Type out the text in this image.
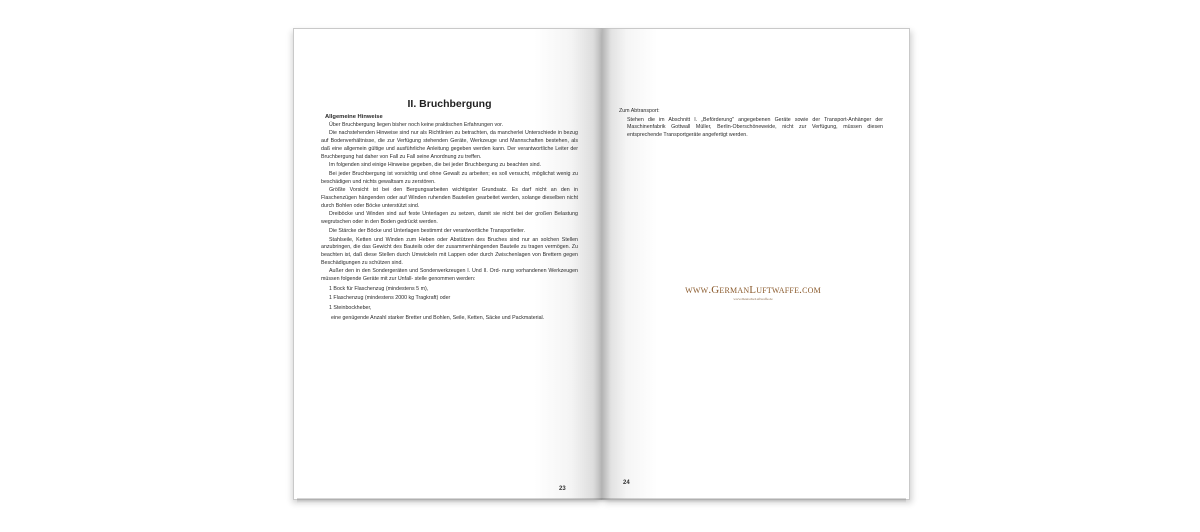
II. Bruchbergung
Allgemeine Hinweise

Über Bruchbergung liegen bisher noch keine praktischen Erfahrungen vor.

Die nachstehenden Hinweise sind nur als Richtlinien zu betrachten, da mancherlei Unterschiede in bezug auf Bodenverhältnisse, die zur Verfügung stehenden Geräte, Werkzeuge und Mannschaften bestehen, als daß eine allgemein gültige und ausführliche Anleitung gegeben werden kann. Der verantwortliche Leiter der Bruchbergung hat daher von Fall zu Fall seine Anordnung zu treffen.

Im folgenden sind einige Hinweise gegeben, die bei jeder Bruchbergung zu beachten sind.

Bei jeder Bruchbergung ist vorsichtig und ohne Gewalt zu arbeiten; es soll versucht, möglichst wenig zu beschädigen und nichts gewaltsam zu zerstören.

Größte Vorsicht ist bei den Bergungsarbeiten wichtigster Grundsatz. Es darf nicht an den in Flaschenzügen hängenden oder auf Winden ruhenden Bauteilen gearbeitet werden, solange dieselben nicht durch Bohlen oder Böcke unterstützt sind.

Dreiböcke und Winden sind auf feste Unterlagen zu setzen, damit sie nicht bei der großen Belastung wegrutschen oder in den Boden gedrückt werden.

Die Stärcke der Böcke und Unterlagen bestimmt der verantwortliche Transportleiter.

Stahlseile, Ketten und Winden zum Heben oder Abstützen des Bruches sind nur an solchen Stellen anzubringen, die das Gewicht des Bauteils oder der zusammenhängenden Bauteile zu tragen vermögen. Zu beachten ist, daß diese Stellen durch Umwickeln mit Lappen oder durch Zwischenlagen von Brettern gegen Beschädigungen zu schützen sind.

Außer den in den Sondergeräten und Sonderwerkzeugen I. Und II. Ord- nung vorhandenen Werkzeugen müssen folgende Geräte mit zur Unfall- stelle genommen werden:

1 Bock für Flaschenzug (mindestens 5 m),
1 Flaschenzug (mindestens 2000 kg Tragkraft) oder
1 Steinbockheber,
eine genügende Anzahl starker Bretter und Bohlen, Seile, Ketten, Säcke und Packmaterial.
23
Zum Abtransport:

Stehen die im Abschnitt I. „Beförderung" angegebenen Geräte sowie der Transport-Anhänger der Maschinenfabrik Gottwall Müller, Berlin-Oberschöneweide, nicht zur Verfügung, müssen diesen entsprechende Transportgeräte angefertigt werden.

www.GermanLuftwaffe.com
www.DeutscheLuftwaffe.de
24
